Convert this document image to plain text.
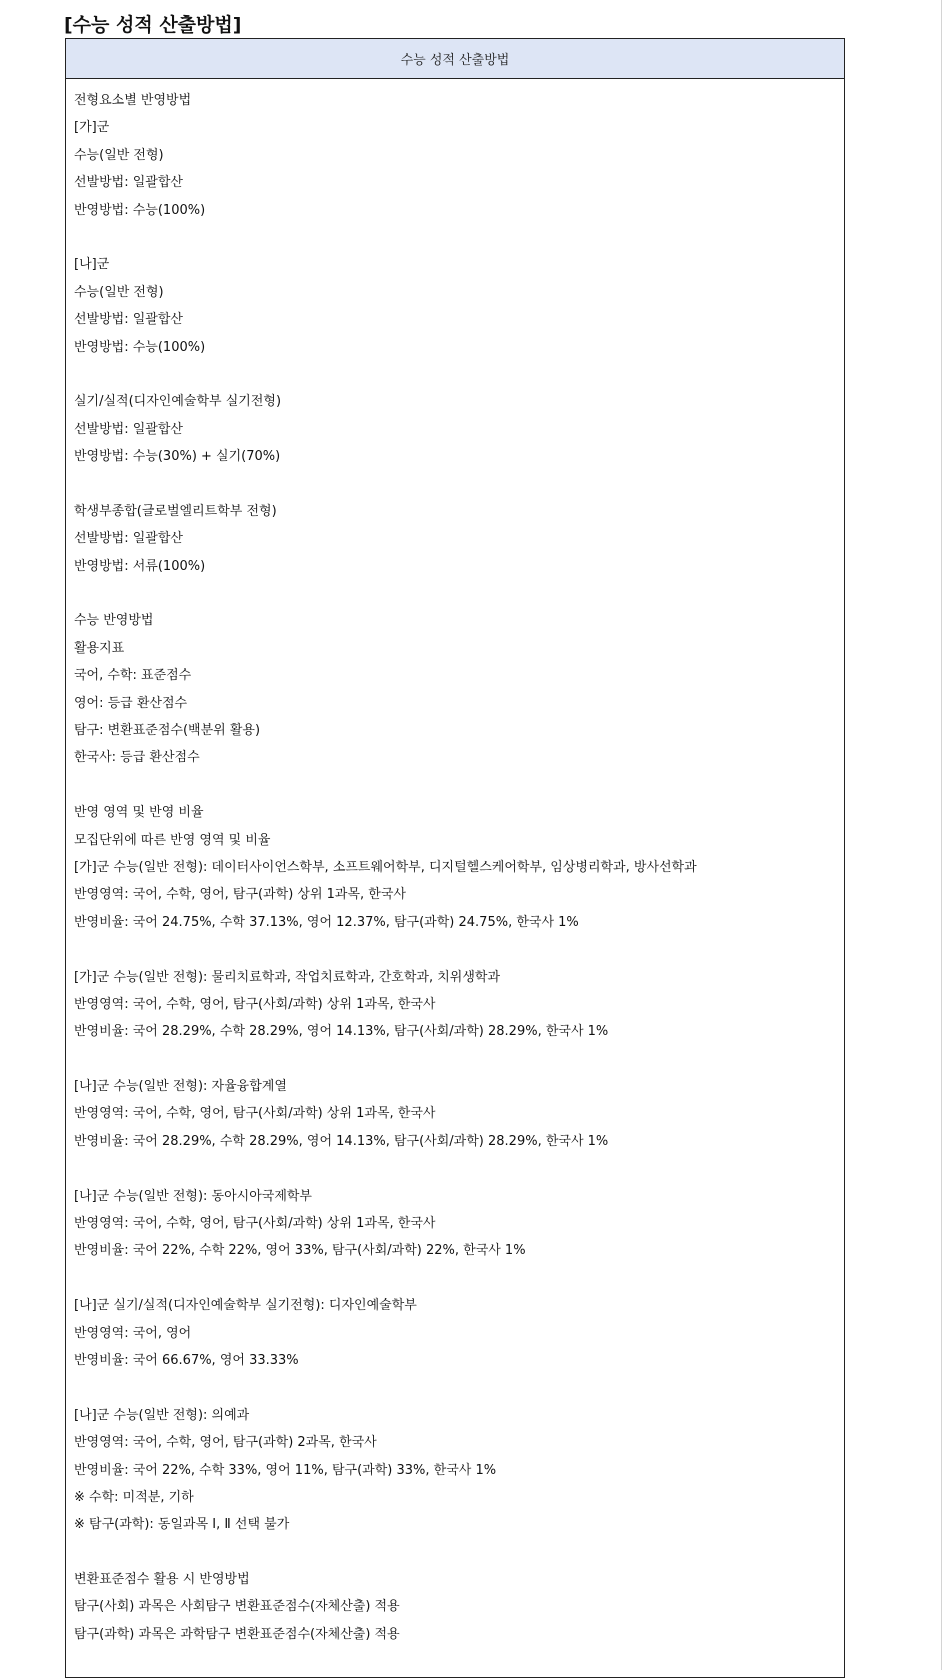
[수능 성적 산출방법]
수능 성적 산출방법
전형요소별 반영방법
[가]군
수능(일반 전형)
선발방법: 일괄합산
반영방법: 수능(100%)
[나]군
수능(일반 전형)
선발방법: 일괄합산
반영방법: 수능(100%)
실기/실적(디자인예술학부 실기전형)
선발방법: 일괄합산
반영방법: 수능(30%) + 실기(70%)
학생부종합(글로벌엘리트학부 전형)
선발방법: 일괄합산
반영방법: 서류(100%)
수능 반영방법
활용지표
국어, 수학: 표준점수
영어: 등급 환산점수
탐구: 변환표준점수(백분위 활용)
한국사: 등급 환산점수
반영 영역 및 반영 비율
모집단위에 따른 반영 영역 및 비율
[가]군 수능(일반 전형): 데이터사이언스학부, 소프트웨어학부, 디지털헬스케어학부, 임상병리학과, 방사선학과
반영영역: 국어, 수학, 영어, 탐구(과학) 상위 1과목, 한국사
반영비율: 국어 24.75%, 수학 37.13%, 영어 12.37%, 탐구(과학) 24.75%, 한국사 1%
[가]군 수능(일반 전형): 물리치료학과, 작업치료학과, 간호학과, 치위생학과
반영영역: 국어, 수학, 영어, 탐구(사회/과학) 상위 1과목, 한국사
반영비율: 국어 28.29%, 수학 28.29%, 영어 14.13%, 탐구(사회/과학) 28.29%, 한국사 1%
[나]군 수능(일반 전형): 자율융합계열
반영영역: 국어, 수학, 영어, 탐구(사회/과학) 상위 1과목, 한국사
반영비율: 국어 28.29%, 수학 28.29%, 영어 14.13%, 탐구(사회/과학) 28.29%, 한국사 1%
[나]군 수능(일반 전형): 동아시아국제학부
반영영역: 국어, 수학, 영어, 탐구(사회/과학) 상위 1과목, 한국사
반영비율: 국어 22%, 수학 22%, 영어 33%, 탐구(사회/과학) 22%, 한국사 1%
[나]군 실기/실적(디자인예술학부 실기전형): 디자인예술학부
반영영역: 국어, 영어
반영비율: 국어 66.67%, 영어 33.33%
[나]군 수능(일반 전형): 의예과
반영영역: 국어, 수학, 영어, 탐구(과학) 2과목, 한국사
반영비율: 국어 22%, 수학 33%, 영어 11%, 탐구(과학) 33%, 한국사 1%
※ 수학: 미적분, 기하
※ 탐구(과학): 동일과목 Ⅰ, Ⅱ 선택 불가
변환표준점수 활용 시 반영방법
탐구(사회) 과목은 사회탐구 변환표준점수(자체산출) 적용
탐구(과학) 과목은 과학탐구 변환표준점수(자체산출) 적용
